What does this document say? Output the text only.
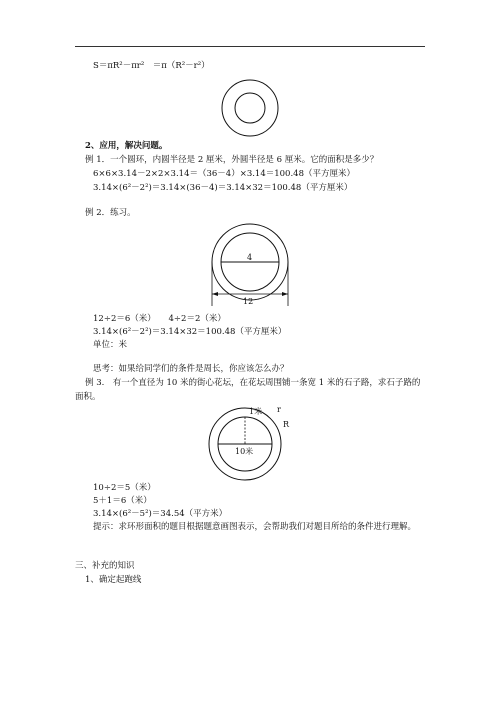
S＝πR²－πr²　＝π（R²－r²）
2、应用，解决问题。
例 1．一个圆环，内圆半径是 2 厘米，外圆半径是 6 厘米。它的面积是多少？
6×6×3.14－2×2×3.14＝（36－4）×3.14＝100.48（平方厘米）
3.14×(6²－2²)＝3.14×(36－4)＝3.14×32＝100.48（平方厘米）
例 2．练习。
4
12
12÷2＝6（米）　　4÷2＝2（米）
3.14×(6²－2²)＝3.14×32＝100.48（平方厘米）
单位：米
思考：如果给同学们的条件是周长，你应该怎么办？
例 3.　有一个直径为 10 米的街心花坛，在花坛周围铺一条宽 1 米的石子路，求石子路的
面积。
1米 r
R
10米
10÷2＝5（米）
5＋1＝6（米）
3.14×(6²－5²)＝34.54（平方米）
提示：求环形面积的题目根据题意画图表示，会帮助我们对题目所给的条件进行理解。
三、补充的知识
1、确定起跑线
